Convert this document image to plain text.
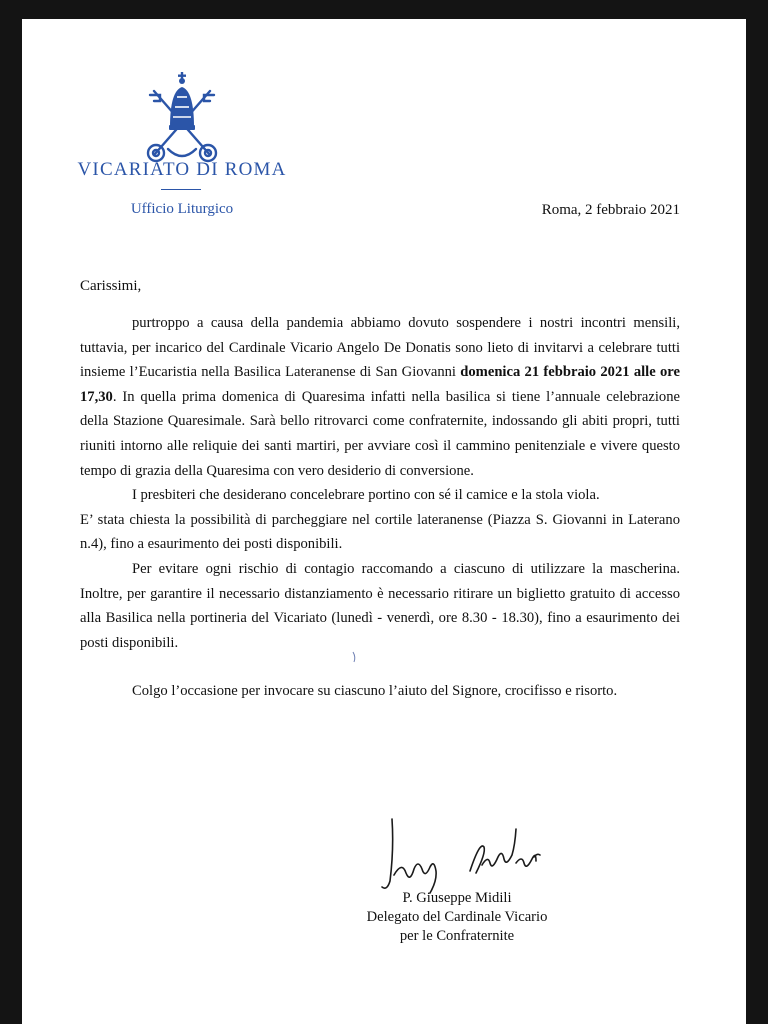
VICARIATO DI ROMA
Ufficio Liturgico	Roma, 2 febbraio 2021
Carissimi,

purtroppo a causa della pandemia abbiamo dovuto sospendere i nostri incontri mensili, tuttavia, per incarico del Cardinale Vicario Angelo De Donatis sono lieto di invitarvi a celebrare tutti insieme l’Eucaristia nella Basilica Lateranense di San Giovanni domenica 21 febbraio 2021 alle ore 17,30. In quella prima domenica di Quaresima infatti nella basilica si tiene l’annuale celebrazione della Stazione Quaresimale. Sarà bello ritrovarci come confraternite, indossando gli abiti propri, tutti riuniti intorno alle reliquie dei santi martiri, per avviare così il cammino penitenziale e vivere questo tempo di grazia della Quaresima con vero desiderio di conversione.

I presbiteri che desiderano concelebrare portino con sé il camice e la stola viola.

E’ stata chiesta la possibilità di parcheggiare nel cortile lateranense (Piazza S. Giovanni in Laterano n.4), fino a esaurimento dei posti disponibili.

Per evitare ogni rischio di contagio raccomando a ciascuno di utilizzare la mascherina. Inoltre, per garantire il necessario distanziamento è necessario ritirare un biglietto gratuito di accesso alla Basilica nella portineria del Vicariato (lunedì - venerdì, ore 8.30 - 18.30), fino a esaurimento dei posti disponibili.

Colgo l’occasione per invocare su ciascuno l’aiuto del Signore, crocifisso e risorto.

P. Giuseppe Midili
Delegato del Cardinale Vicario
per le Confraternite
